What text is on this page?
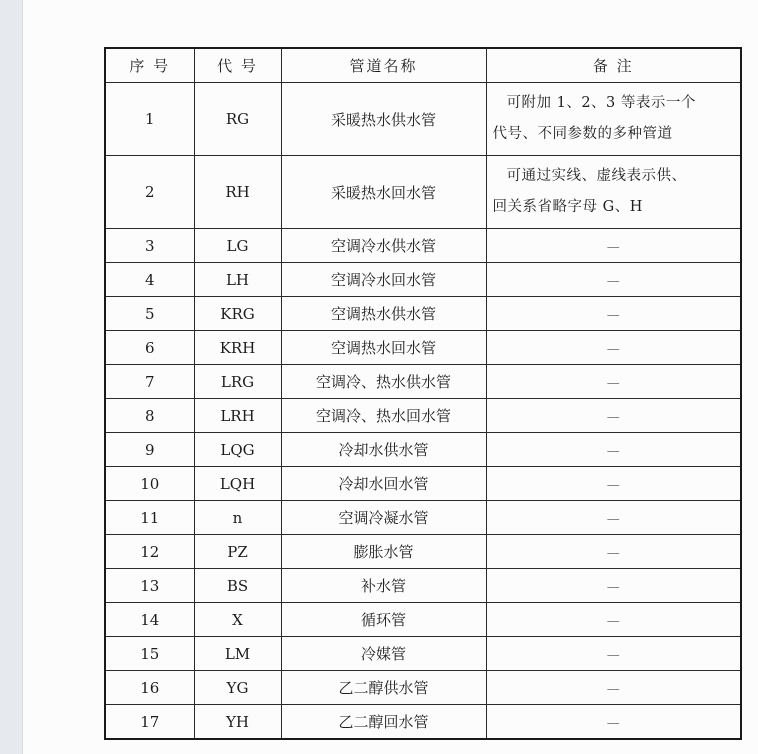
序 号	代 号	管道名称	备 注
1	RG	采暖热水供水管	可附加 1、2、3 等表示一个
代号、不同参数的多种管道

2	RH	采暖热水回水管	可通过实线、虚线表示供、
回关系省略字母 G、H

3	LG	空调冷水供水管	—
4	LH	空调冷水回水管	—
5	KRG	空调热水供水管	—
6	KRH	空调热水回水管	—
7	LRG	空调冷、热水供水管	—
8	LRH	空调冷、热水回水管	—
9	LQG	冷却水供水管	—
10	LQH	冷却水回水管	—
11	n	空调冷凝水管	—
12	PZ	膨胀水管	—
13	BS	补水管	—
14	X	循环管	—
15	LM	冷媒管	—
16	YG	乙二醇供水管	—
17	YH	乙二醇回水管	—
